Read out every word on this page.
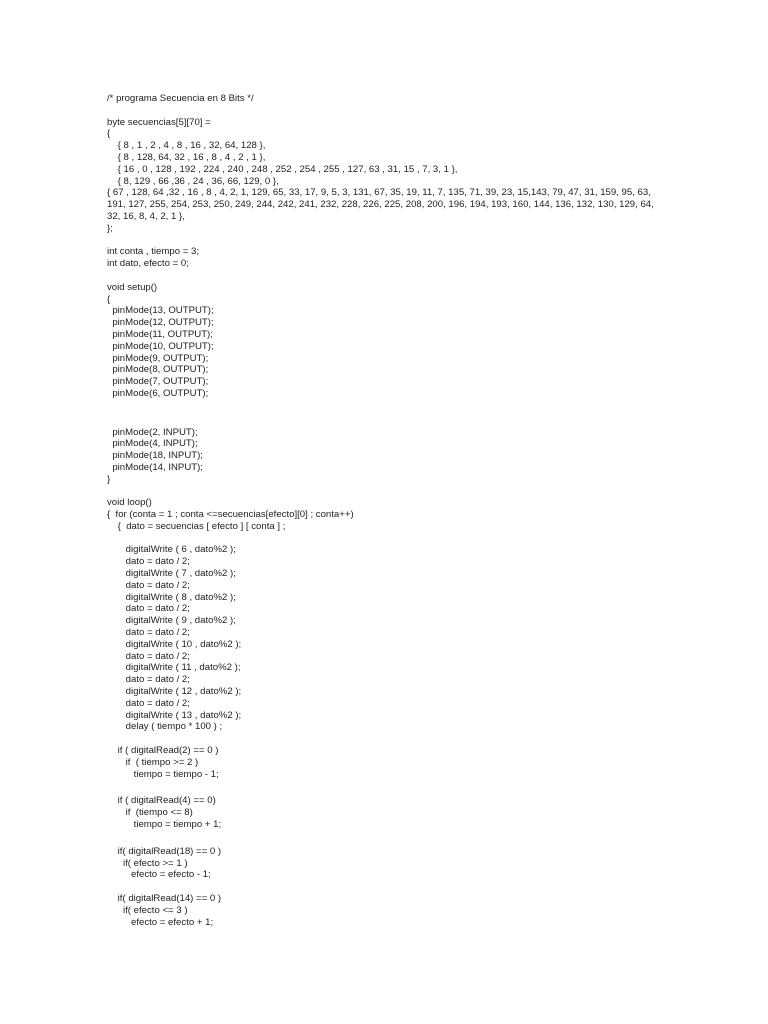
/* programa Secuencia en 8 Bits */
byte secuencias[5][70] =
{
{ 8 , 1 , 2 , 4 , 8 , 16 , 32, 64, 128 },
{ 8 , 128, 64, 32 , 16 , 8 , 4 , 2 , 1 },
{ 16 , 0 , 128 , 192 , 224 , 240 , 248 , 252 , 254 , 255 , 127, 63 , 31, 15 , 7, 3, 1 },
{ 8, 129 , 66 ,36 , 24 , 36, 66, 129, 0 },
{ 67 , 128, 64 ,32 , 16 , 8 , 4, 2, 1, 129, 65, 33, 17, 9, 5, 3, 131, 67, 35, 19, 11, 7, 135, 71, 39, 23, 15,143, 79, 47, 31, 159, 95, 63, 191, 127, 255, 254, 253, 250, 249, 244, 242, 241, 232, 228, 226, 225, 208, 200, 196, 194, 193, 160, 144, 136, 132, 130, 129, 64, 32, 16, 8, 4, 2, 1 },
};
int conta , tiempo = 3;
int dato, efecto = 0;
void setup()
{
pinMode(13, OUTPUT);
pinMode(12, OUTPUT);
pinMode(11, OUTPUT);
pinMode(10, OUTPUT);
pinMode(9, OUTPUT);
pinMode(8, OUTPUT);
pinMode(7, OUTPUT);
pinMode(6, OUTPUT);
pinMode(2, INPUT);
pinMode(4, INPUT);
pinMode(18, INPUT);
pinMode(14, INPUT);
}
void loop()
{  for (conta = 1 ; conta <=secuencias[efecto][0] ; conta++)
{  dato = secuencias [ efecto ] [ conta ] ;
digitalWrite ( 6 , dato%2 );
dato = dato / 2;
digitalWrite ( 7 , dato%2 );
dato = dato / 2;
digitalWrite ( 8 , dato%2 );
dato = dato / 2;
digitalWrite ( 9 , dato%2 );
dato = dato / 2;
digitalWrite ( 10 , dato%2 );
dato = dato / 2;
digitalWrite ( 11 , dato%2 );
dato = dato / 2;
digitalWrite ( 12 , dato%2 );
dato = dato / 2;
digitalWrite ( 13 , dato%2 );
delay ( tiempo * 100 ) ;
if ( digitalRead(2) == 0 )
if  ( tiempo >= 2 )
tiempo = tiempo - 1;
if ( digitalRead(4) == 0)
if  (tiempo <= 8)
tiempo = tiempo + 1;
if( digitalRead(18) == 0 )
if( efecto >= 1 )
efecto = efecto - 1;
if( digitalRead(14) == 0 )
if( efecto <= 3 )
efecto = efecto + 1;
